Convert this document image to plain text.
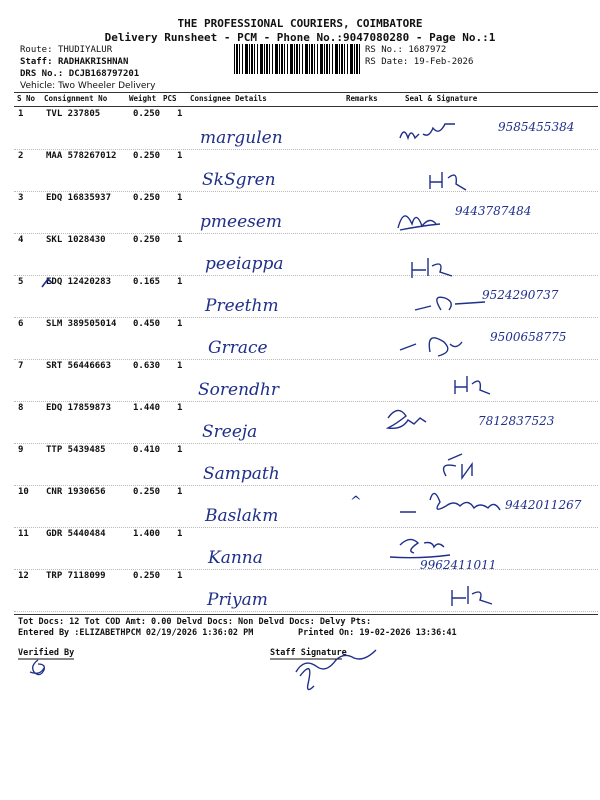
THE PROFESSIONAL COURIERS, COIMBATORE
Delivery Runsheet - PCM - Phone No.:9047080280 - Page No.:1
Route: THUDIYALUR
Staff: RADHAKRISHNAN
DRS No.: DCJB168797201
Vehicle: Two Wheeler Delivery
RS No.: 1687972
RS Date: 19-Feb-2026
S No Consignment No	Weight PCS Consignee Details	Remarks	Seal & Signature
1	TVL 237805	0.250 1
margulen
9585455384
2	MAA 578267012 0.250 1
SkSgren
3	EDQ 16835937 0.250 1
pmeesem
9443787484
4	SKL 1028430	0.250 1
peeiappa
5	EDQ 12420283 0.165 1
Preethm
9524290737
6	SLM 389505014 0.450 1
Grrace
9500658775
7	SRT 56446663 0.630 1
Sorendhr
8	EDQ 17859873 1.440 1
Sreeja
7812837523
9	TTP 5439485	0.410 1
Sampath
10 CNR 1930656	0.250 1
Baslakm
^	9442011267
11 GDR 5440484	1.400 1
Kanna	9962411011
12 TRP 7118099	0.250 1
Priyam
Tot Docs: 12 Tot COD Amt: 0.00 Delvd Docs: Non Delvd Docs: Delvy Pts:
Entered By :ELIZABETHPCM 02/19/2026 1:36:02 PM	Printed On: 19-02-2026 13:36:41
Verified By	Staff Signature
